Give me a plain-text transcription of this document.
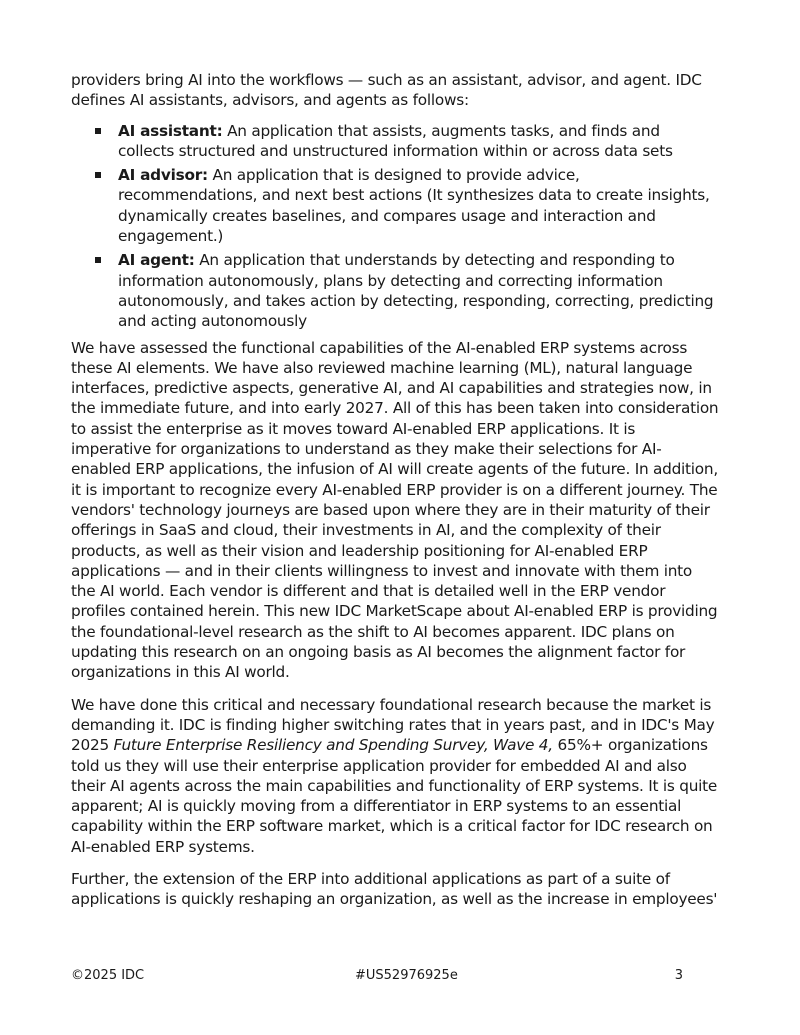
providers bring AI into the workflows — such as an assistant, advisor, and agent. IDC defines AI assistants, advisors, and agents as follows:

AI assistant: An application that assists, augments tasks, and finds and collects structured and unstructured information within or across data sets
AI advisor: An application that is designed to provide advice, recommendations, and next best actions (It synthesizes data to create insights, dynamically creates baselines, and compares usage and interaction and engagement.)
AI agent: An application that understands by detecting and responding to information autonomously, plans by detecting and correcting information autonomously, and takes action by detecting, responding, correcting, predicting and acting autonomously

We have assessed the functional capabilities of the AI-enabled ERP systems across these AI elements. We have also reviewed machine learning (ML), natural language interfaces, predictive aspects, generative AI, and AI capabilities and strategies now, in the immediate future, and into early 2027. All of this has been taken into consideration to assist the enterprise as it moves toward AI-enabled ERP applications. It is imperative for organizations to understand as they make their selections for AI-enabled ERP applications, the infusion of AI will create agents of the future. In addition, it is important to recognize every AI-enabled ERP provider is on a different journey. The vendors' technology journeys are based upon where they are in their maturity of their offerings in SaaS and cloud, their investments in AI, and the complexity of their products, as well as their vision and leadership positioning for AI-enabled ERP applications — and in their clients willingness to invest and innovate with them into the AI world. Each vendor is different and that is detailed well in the ERP vendor profiles contained herein. This new IDC MarketScape about AI-enabled ERP is providing the foundational-level research as the shift to AI becomes apparent. IDC plans on updating this research on an ongoing basis as AI becomes the alignment factor for organizations in this AI world.

We have done this critical and necessary foundational research because the market is demanding it. IDC is finding higher switching rates that in years past, and in IDC's May 2025 Future Enterprise Resiliency and Spending Survey, Wave 4, 65%+ organizations told us they will use their enterprise application provider for embedded AI and also their AI agents across the main capabilities and functionality of ERP systems. It is quite apparent; AI is quickly moving from a differentiator in ERP systems to an essential capability within the ERP software market, which is a critical factor for IDC research on AI-enabled ERP systems.

Further, the extension of the ERP into additional applications as part of a suite of applications is quickly reshaping an organization, as well as the increase in employees'

©2025 IDC	#US52976925e	3
